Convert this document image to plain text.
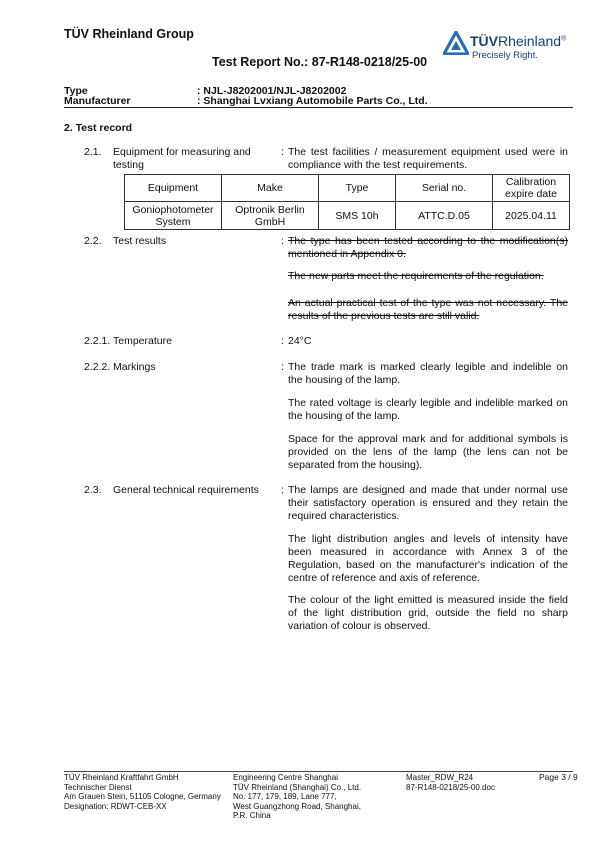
TÜV Rheinland Group
Test Report No.: 87-R148-0218/25-00
TÜVRheinland®
Precisely Right.
Type	: NJL-J8202001/NJL-J8202002
Manufacturer	: Shanghai Lvxiang Automobile Parts Co., Ltd.
2. Test record
2.1. Equipment for measuring and testing
: The test facilities / measurement equipment used were in compliance with the test requirements.
Equipment	Make	Type	Serial no.	Calibration expire date
Goniophotometer System	Optronik Berlin GmbH	SMS 10h	ATTC.D.05	2025.04.11
2.2. Test results	: The type has been tested according to the modification(s) mentioned in Appendix 0.
The new parts meet the requirements of the regulation.
An actual practical test of the type was not necessary. The results of the previous tests are still valid.
2.2.1. Temperature	: 24°C
2.2.2. Markings	: The trade mark is marked clearly legible and indelible on the housing of the lamp.
The rated voltage is clearly legible and indelible marked on the housing of the lamp.
Space for the approval mark and for additional symbols is provided on the lens of the lamp (the lens can not be separated from the housing).
2.3. General technical requirements : The lamps are designed and made that under normal use their satisfactory operation is ensured and they retain the required characteristics.
The light distribution angles and levels of intensity have been measured in accordance with Annex 3 of the Regulation, based on the manufacturer's indication of the centre of reference and axis of reference.
The colour of the light emitted is measured inside the field of the light distribution grid, outside the field no sharp variation of colour is observed.
TÜV Rheinland Kraftfahrt GmbH
Technischer Dienst
Am Grauen Stein, 51105 Cologne, Germany
Designation: RDWT-CEB-XX
Engineering Centre Shanghai
TÜV Rheinland (Shanghai) Co., Ltd.
No. 177, 179, 189, Lane 777,
West Guangzhong Road, Shanghai,
P.R. China
Master_RDW_R24
87-R148-0218/25-00.doc
Page 3 / 9
